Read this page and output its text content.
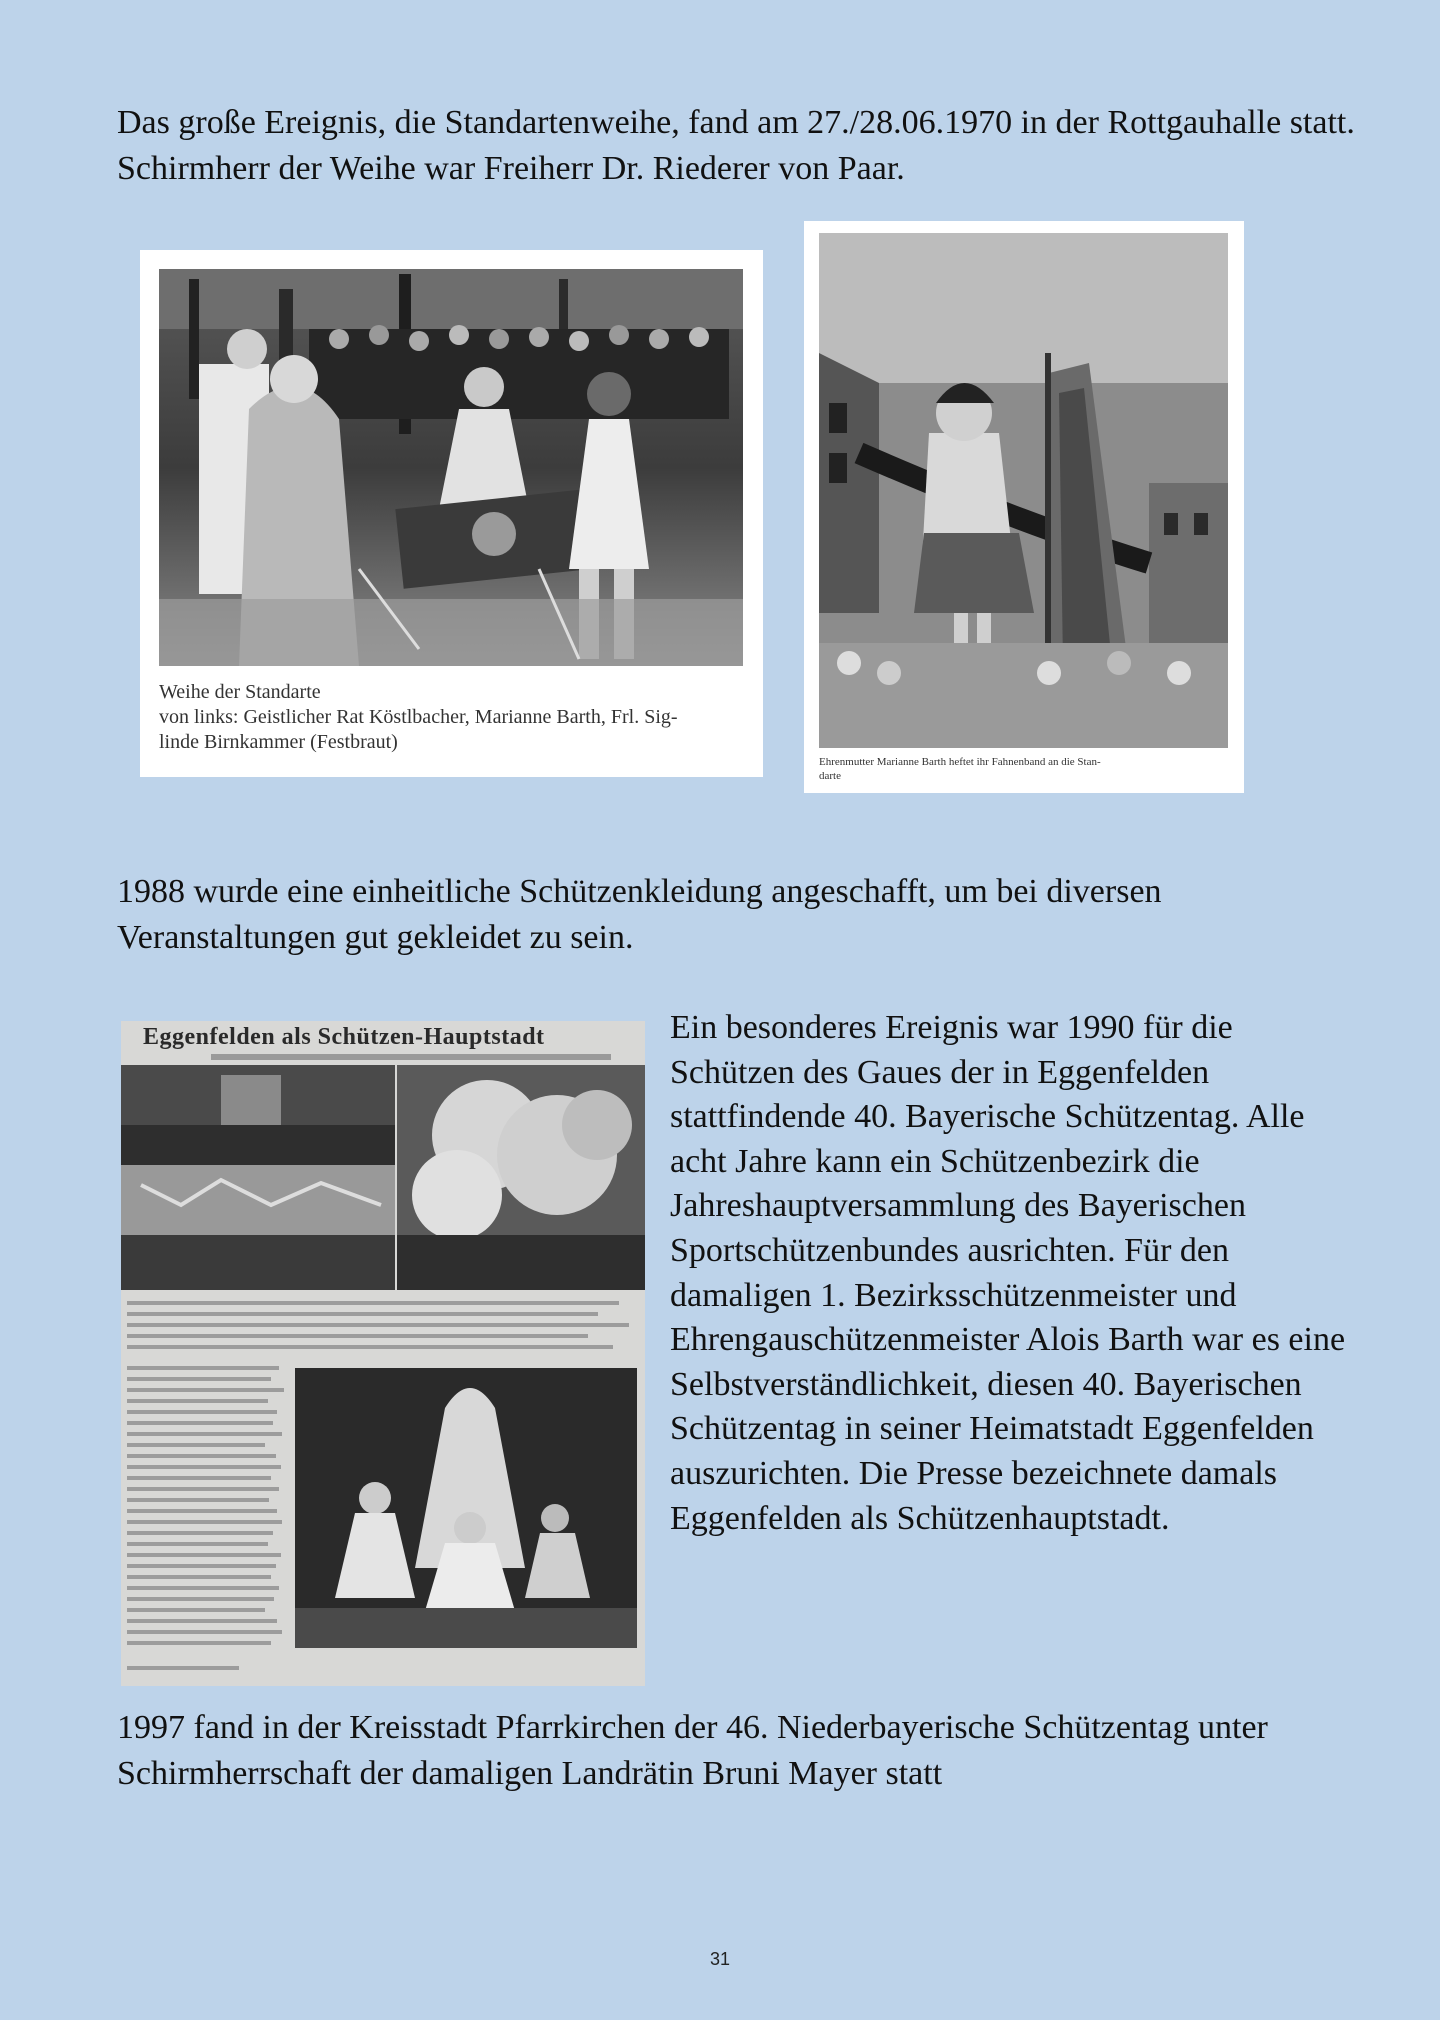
Das große Ereignis, die Standartenweihe, fand am 27./28.06.1970 in der Rottgauhalle statt. Schirmherr der Weihe war Freiherr Dr. Riederer von Paar.

Weihe der Standarte
von links: Geistlicher Rat Köstlbacher, Marianne Barth, Frl. Sig-
linde Birnkammer (Festbraut)
Ehrenmutter Marianne Barth heftet ihr Fahnenband an die Stan-
darte

1988 wurde eine einheitliche Schützenkleidung angeschafft, um bei diversen Veranstaltungen gut gekleidet zu sein.

Eggenfelden als Schützen-Hauptstadt	Ein besonderes Ereignis war 1990 für die Schützen des Gaues der in Eggenfelden stattfindende 40. Bayerische Schützentag. Alle acht Jahre kann ein Schützenbezirk die Jahreshauptversammlung des Bayerischen Sportschützenbundes ausrichten. Für den damaligen 1. Bezirksschützenmeister und Ehrengauschützenmeister Alois Barth war es eine Selbstverständlichkeit, diesen 40. Bayerischen Schützentag in seiner Heimatstadt Eggenfelden auszurichten. Die Presse bezeichnete damals Eggenfelden als Schützenhauptstadt.

1997 fand in der Kreisstadt Pfarrkirchen der 46. Niederbayerische Schützentag unter Schirmherrschaft der damaligen Landrätin Bruni Mayer statt

31
